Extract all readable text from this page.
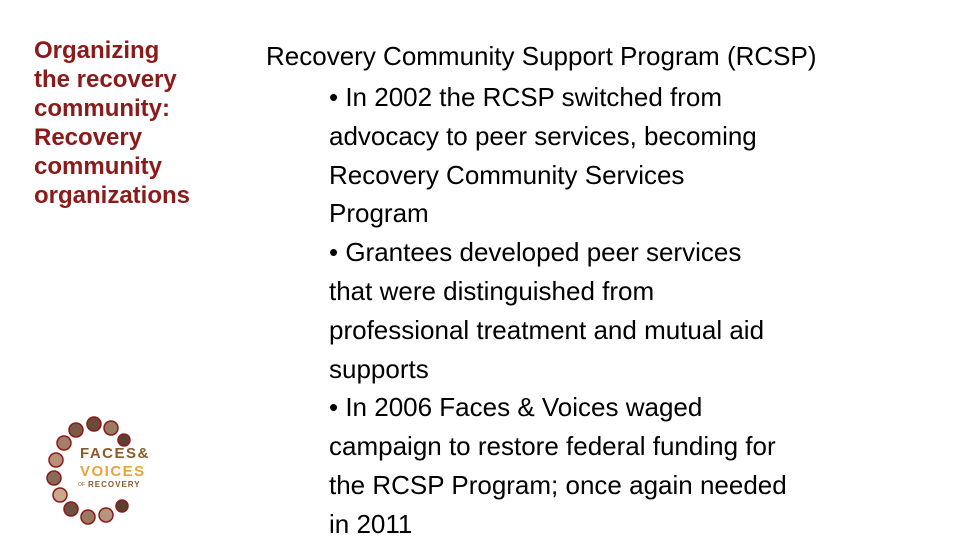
Organizing
the recovery
community:
Recovery
community
organizations
Recovery Community Support Program (RCSP)
• In 2002 the RCSP switched from
advocacy to peer services, becoming
Recovery Community Services
Program
• Grantees developed peer services
that were distinguished from
professional treatment and mutual aid
supports
• In 2006 Faces & Voices waged
campaign to restore federal funding for
the RCSP Program; once again needed
in 2011
FACES&
VOICES
OF RECOVERY
